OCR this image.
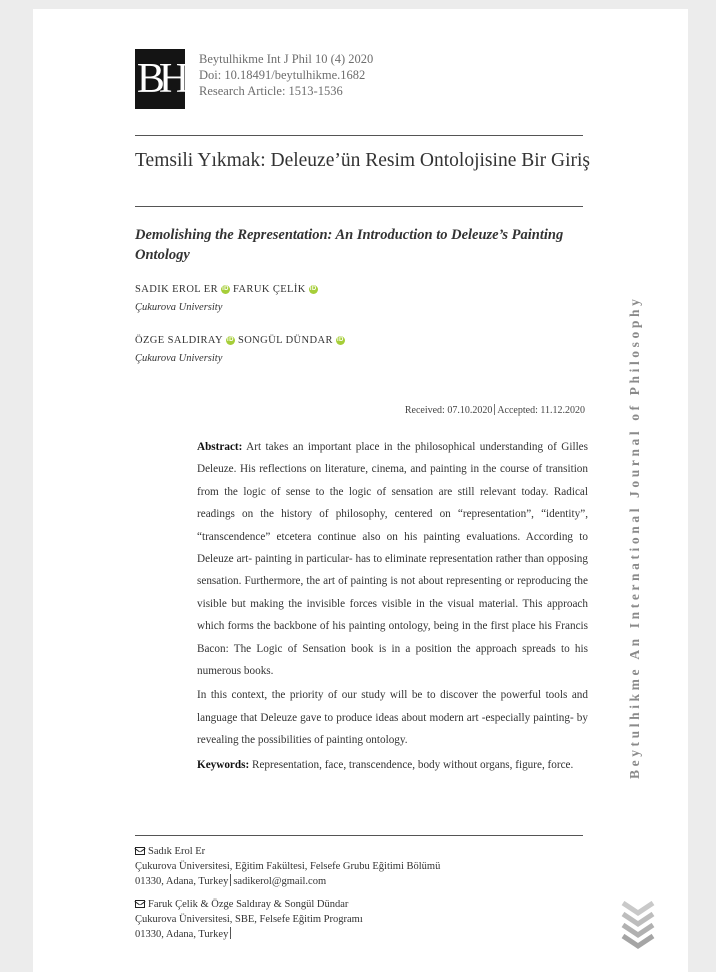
BH Beytulhikme Int J Phil 10 (4) 2020
Doi: 10.18491/beytulhikme.1682
Research Article: 1513-1536
Temsili Yıkmak: Deleuze’ün Resim Ontolojisine Bir Giriş
Demolishing the Representation: An Introduction to Deleuze’s Painting Ontology
SADIK EROL ER iD FARUK ÇELİK iD
Çukurova University
ÖZGE SALDIRAY iD SONGÜL DÜNDAR iD
Çukurova University
Received: 07.10.2020 Accepted: 11.12.2020

Abstract: Art takes an important place in the philosophical understanding of Gilles Deleuze. His reflections on literature, cinema, and painting in the course of transition from the logic of sense to the logic of sensation are still relevant today. Radical readings on the history of philosophy, centered on “representation”, “identity”, “transcendence” etcetera continue also on his painting evaluations. According to Deleuze art- painting in particular- has to eliminate representation rather than opposing sensation. Furthermore, the art of painting is not about representing or reproducing the visible but making the invisible forces visible in the visual material. This approach which forms the backbone of his painting ontology, being in the first place his Francis Bacon: The Logic of Sensation book is in a position the approach spreads to his numerous books.

In this context, the priority of our study will be to discover the powerful tools and language that Deleuze gave to produce ideas about modern art -especially painting- by revealing the possibilities of painting ontology.

Keywords: Representation, face, transcendence, body without organs, figure, force.	Beytulhikme An International Journal of Philosophy
Sadık Erol Er
Çukurova Üniversitesi, Eğitim Fakültesi, Felsefe Grubu Eğitimi Bölümü
01330, Adana, Turkey sadikerol@gmail.com
Faruk Çelik & Özge Saldıray & Songül Dündar
Çukurova Üniversitesi, SBE, Felsefe Eğitim Programı
01330, Adana, Turkey
